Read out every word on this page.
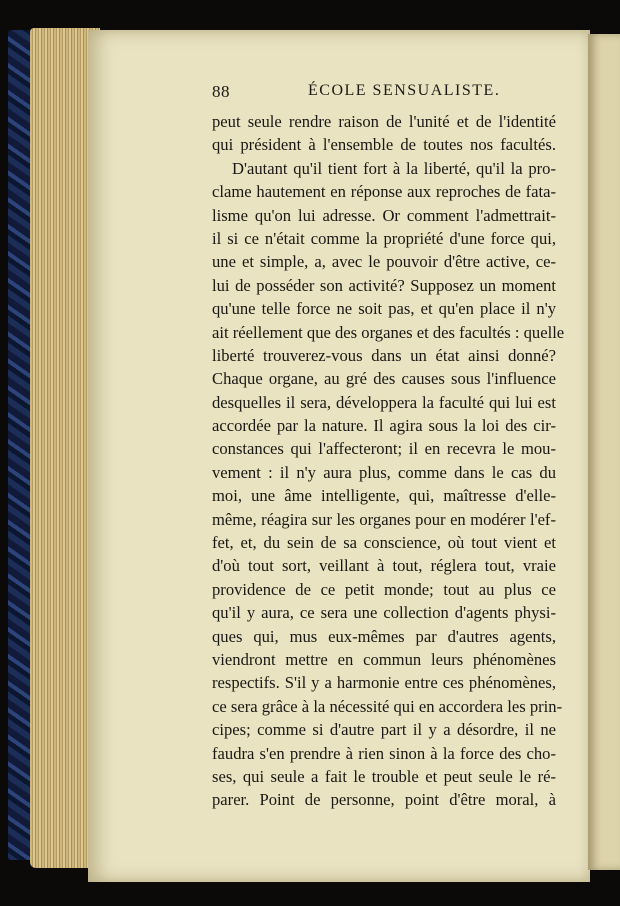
88	ÉCOLE SENSUALISTE.
peut seule rendre raison de l'unité et de l'identité
qui président à l'ensemble de toutes nos facultés.
D'autant qu'il tient fort à la liberté, qu'il la pro-
clame hautement en réponse aux reproches de fata-
lisme qu'on lui adresse. Or comment l'admettrait-
il si ce n'était comme la propriété d'une force qui,
une et simple, a, avec le pouvoir d'être active, ce-
lui de posséder son activité? Supposez un moment
qu'une telle force ne soit pas, et qu'en place il n'y
ait réellement que des organes et des facultés : quelle
liberté trouverez-vous dans un état ainsi donné?
Chaque organe, au gré des causes sous l'influence
desquelles il sera, développera la faculté qui lui est
accordée par la nature. Il agira sous la loi des cir-
constances qui l'affecteront; il en recevra le mou-
vement : il n'y aura plus, comme dans le cas du
moi, une âme intelligente, qui, maîtresse d'elle-
même, réagira sur les organes pour en modérer l'ef-
fet, et, du sein de sa conscience, où tout vient et
d'où tout sort, veillant à tout, réglera tout, vraie
providence de ce petit monde; tout au plus ce
qu'il y aura, ce sera une collection d'agents physi-
ques qui, mus eux-mêmes par d'autres agents,
viendront mettre en commun leurs phénomènes
respectifs. S'il y a harmonie entre ces phénomènes,
ce sera grâce à la nécessité qui en accordera les prin-
cipes; comme si d'autre part il y a désordre, il ne
faudra s'en prendre à rien sinon à la force des cho-
ses, qui seule a fait le trouble et peut seule le ré-
parer. Point de personne, point d'être moral, à
